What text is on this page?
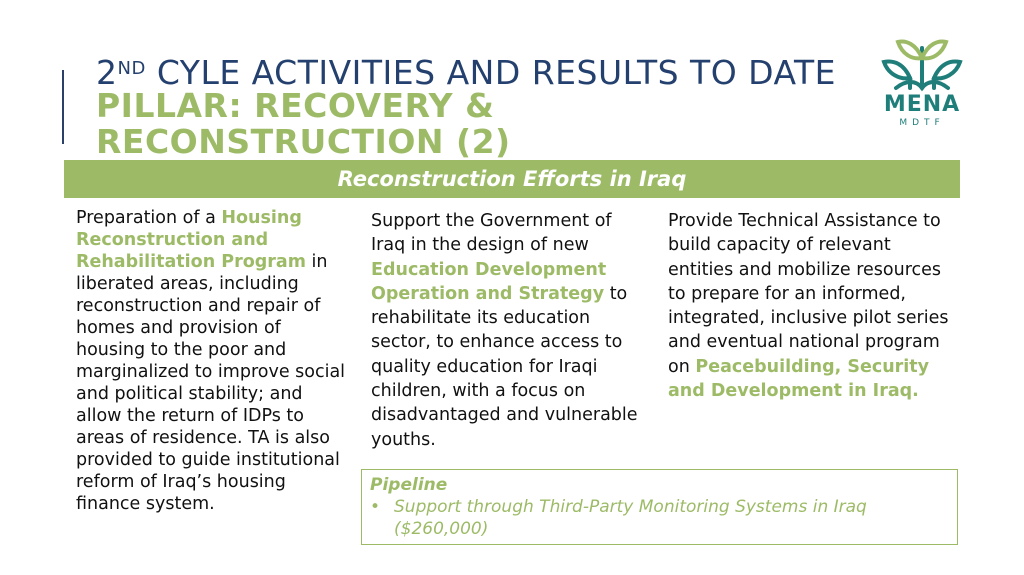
2ND CYLE ACTIVITIES AND RESULTS TO DATE
PILLAR: RECOVERY & RECONSTRUCTION (2)
MENA
MDTF
Reconstruction Efforts in Iraq
Preparation of a Housing Reconstruction and Rehabilitation Program in liberated areas, including reconstruction and repair of homes and provision of housing to the poor and marginalized to improve social and political stability; and allow the return of IDPs to areas of residence. TA is also provided to guide institutional reform of Iraq’s housing finance system.
Support the Government of Iraq in the design of new Education Development Operation and Strategy to rehabilitate its education sector, to enhance access to quality education for Iraqi children, with a focus on disadvantaged and vulnerable youths.
Provide Technical Assistance to build capacity of relevant entities and mobilize resources to prepare for an informed, integrated, inclusive pilot series and eventual national program on Peacebuilding, Security and Development in Iraq.
Pipeline
• Support through Third-Party Monitoring Systems in Iraq ($260,000)
